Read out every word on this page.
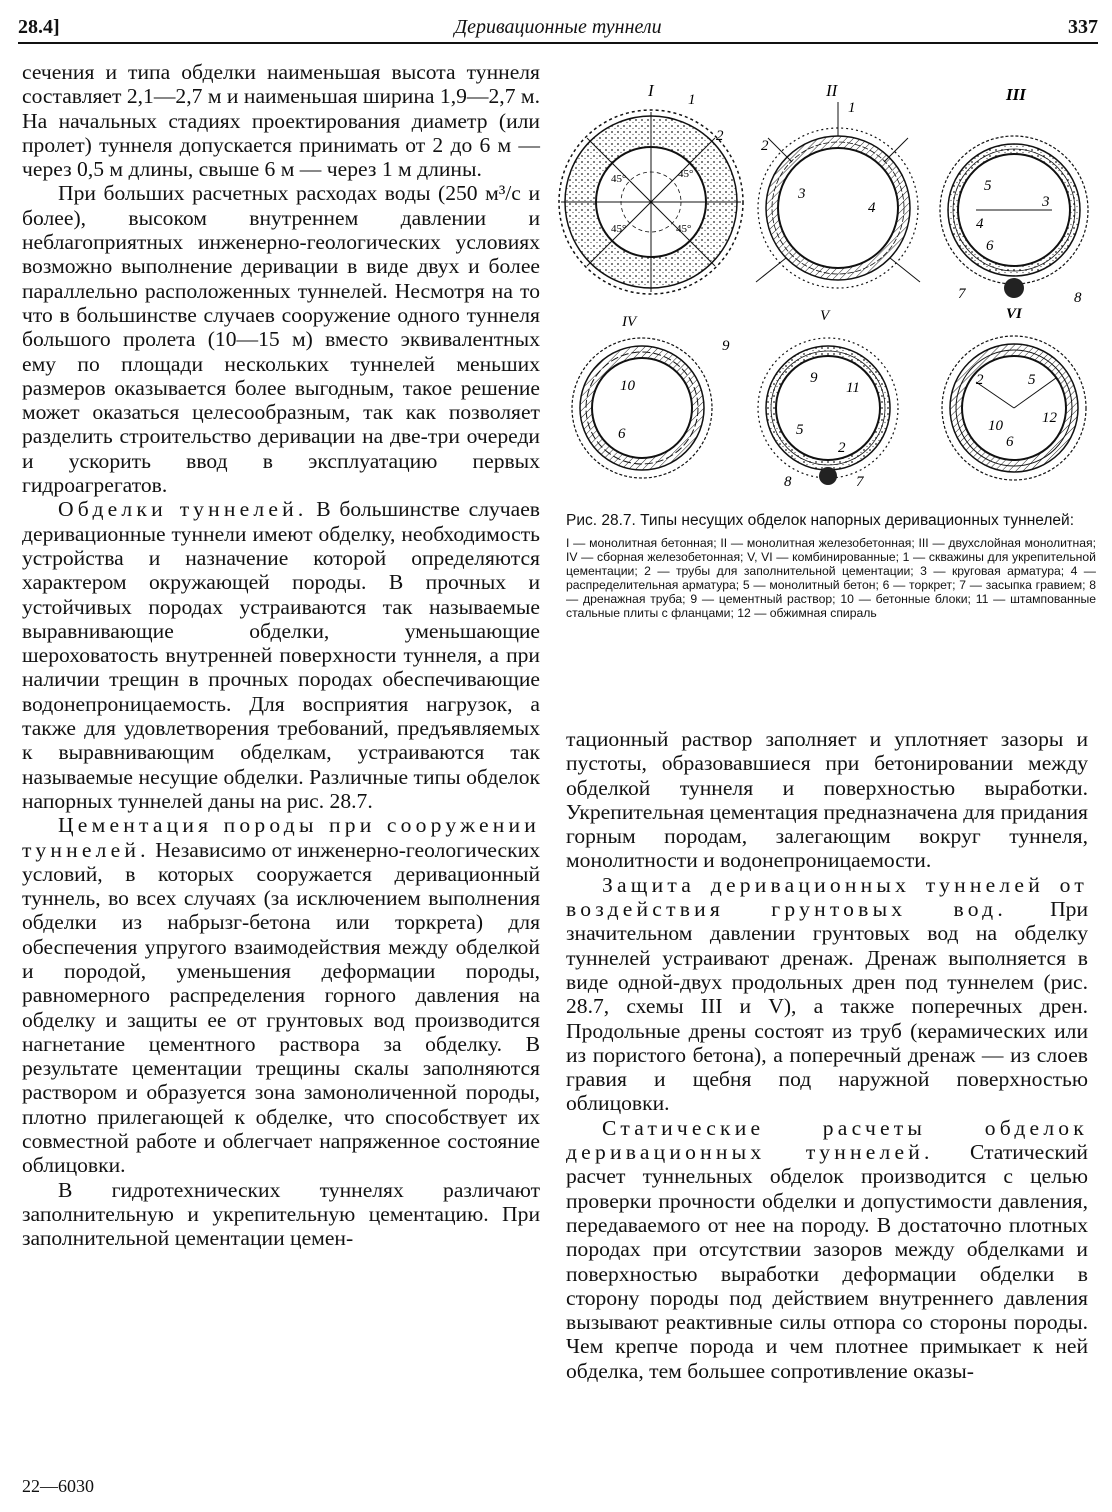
28.4]	Деривационные туннели	337

сечения и типа обделки наименьшая высота туннеля составляет 2,1—2,7 м и наименьшая ширина 1,9—2,7 м. На начальных стадиях проектирования диаметр (или пролет) туннеля допускается принимать от 2 до 6 м — через 0,5 м длины, свыше 6 м — через 1 м длины.

При больших расчетных расходах воды (250 м³/с и более), высоком внутреннем давлении и неблагоприятных инженерно-геологических условиях возможно выполнение деривации в виде двух и более параллельно расположенных туннелей. Несмотря на то что в большинстве случаев сооружение одного туннеля большого пролета (10—15 м) вместо эквивалентных ему по площади нескольких туннелей меньших размеров оказывается более выгодным, такое решение может оказаться целесообразным, так как позволяет разделить строительство деривации на две-три очереди и ускорить ввод в эксплуатацию первых гидроагрегатов.

Обделки туннелей. В большинстве случаев деривационные туннели имеют обделку, необходимость устройства и назначение которой определяются характером окружающей породы. В прочных и устойчивых породах устраиваются так называемые выравнивающие обделки, уменьшающие шероховатость внутренней поверхности туннеля, а при наличии трещин в прочных породах обеспечивающие водонепроницаемость. Для восприятия нагрузок, а также для удовлетворения требований, предъявляемых к выравнивающим обделкам, устраиваются так называемые несущие обделки. Различные типы обделок напорных туннелей даны на рис. 28.7.

Цементация породы при сооружении туннелей. Независимо от инженерно-геологических условий, в которых сооружается деривационный туннель, во всех случаях (за исключением выполнения обделки из набрызг-бетона или торкрета) для обеспечения упругого взаимодействия между обделкой и породой, уменьшения деформации породы, равномерного распределения горного давления на обделку и защиты ее от грунтовых вод производится нагнетание цементного раствора за обделку. В результате цементации трещины скалы заполняются раствором и образуется зона замоноличенной породы, плотно прилегающей к обделке, что способствует их совместной работе и облегчает напряженное состояние облицовки.

В гидротехнических туннелях различают заполнительную и укрепительную цементацию. При заполнительной цементации цемен-

45°
45°
45°
45°
I 1
2
II
1
2
3
4
III
3
4
5
6
7	8
IV
9
10
6
V
9
11
5
2
8	7
VI
2	5
10	12
6

Рис. 28.7. Типы несущих обделок напорных деривационных туннелей:

I — монолитная бетонная; II — монолитная железобетонная; III — двухслойная монолитная; IV — сборная железобетонная; V, VI — комбинированные; 1 — скважины для укрепительной цементации; 2 — трубы для заполнительной цементации; 3 — круговая арматура; 4 — распределительная арматура; 5 — монолитный бетон; 6 — торкрет; 7 — засыпка гравием; 8 — дренажная труба; 9 — цементный раствор; 10 — бетонные блоки; 11 — штампованные стальные плиты с фланцами; 12 — обжимная спираль

тационный раствор заполняет и уплотняет зазоры и пустоты, образовавшиеся при бетонировании между обделкой туннеля и поверхностью выработки. Укрепительная цементация предназначена для придания горным породам, залегающим вокруг туннеля, монолитности и водонепроницаемости.

Защита деривационных туннелей от воздействия грунтовых вод. При значительном давлении грунтовых вод на обделку туннелей устраивают дренаж. Дренаж выполняется в виде одной-двух продольных дрен под туннелем (рис. 28.7, схемы III и V), а также поперечных дрен. Продольные дрены состоят из труб (керамических или из пористого бетона), а поперечный дренаж — из слоев гравия и щебня под наружной поверхностью облицовки.

Статические расчеты обделок деривационных туннелей. Статический расчет туннельных обделок производится с целью проверки прочности обделки и допустимости давления, передаваемого от нее на породу. В достаточно плотных породах при отсутствии зазоров между обделками и поверхностью выработки деформации обделки в сторону породы под действием внутреннего давления вызывают реактивные силы отпора со стороны породы. Чем крепче порода и чем плотнее примыкает к ней обделка, тем большее сопротивление оказы-

22—6030
